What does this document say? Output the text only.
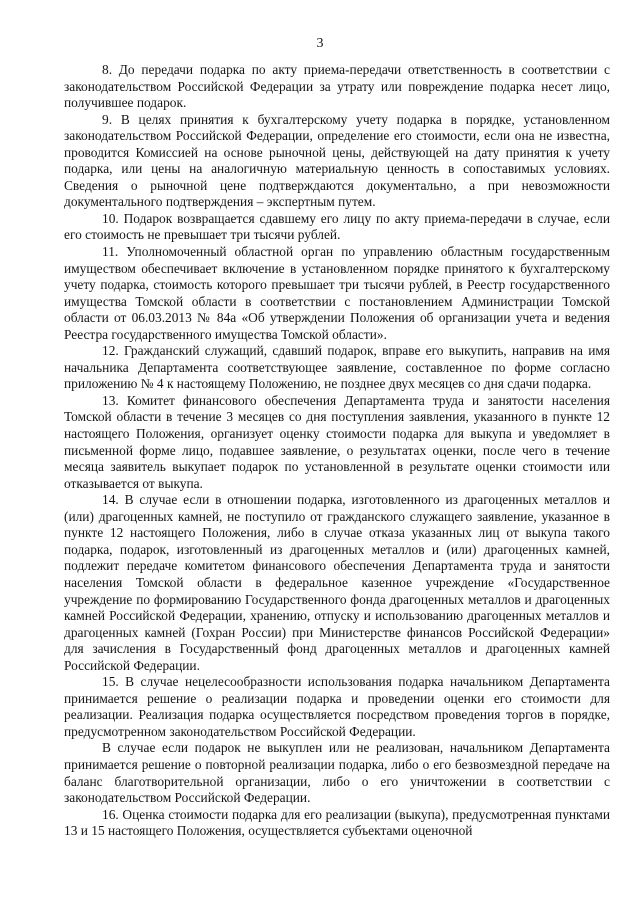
3

8. До передачи подарка по акту приема-передачи ответственность в соответствии с законодательством Российской Федерации за утрату или повреждение подарка несет лицо, получившее подарок.

9. В целях принятия к бухгалтерскому учету подарка в порядке, установленном законодательством Российской Федерации, определение его стоимости, если она не известна, проводится Комиссией на основе рыночной цены, действующей на дату принятия к учету подарка, или цены на аналогичную материальную ценность в сопоставимых условиях. Сведения о рыночной цене подтверждаются документально, а при невозможности документального подтверждения – экспертным путем.

10. Подарок возвращается сдавшему его лицу по акту приема-передачи в случае, если его стоимость не превышает три тысячи рублей.

11. Уполномоченный областной орган по управлению областным государственным имуществом обеспечивает включение в установленном порядке принятого к бухгалтерскому учету подарка, стоимость которого превышает три тысячи рублей, в Реестр государственного имущества Томской области в соответствии с постановлением Администрации Томской области от 06.03.2013 № 84а «Об утверждении Положения об организации учета и ведения Реестра государственного имущества Томской области».

12. Гражданский служащий, сдавший подарок, вправе его выкупить, направив на имя начальника Департамента соответствующее заявление, составленное по форме согласно приложению № 4 к настоящему Положению, не позднее двух месяцев со дня сдачи подарка.

13. Комитет финансового обеспечения Департамента труда и занятости населения Томской области в течение 3 месяцев со дня поступления заявления, указанного в пункте 12 настоящего Положения, организует оценку стоимости подарка для выкупа и уведомляет в письменной форме лицо, подавшее заявление, о результатах оценки, после чего в течение месяца заявитель выкупает подарок по установленной в результате оценки стоимости или отказывается от выкупа.

14. В случае если в отношении подарка, изготовленного из драгоценных металлов и (или) драгоценных камней, не поступило от гражданского служащего заявление, указанное в пункте 12 настоящего Положения, либо в случае отказа указанных лиц от выкупа такого подарка, подарок, изготовленный из драгоценных металлов и (или) драгоценных камней, подлежит передаче комитетом финансового обеспечения Департамента труда и занятости населения Томской области в федеральное казенное учреждение «Государственное учреждение по формированию Государственного фонда драгоценных металлов и драгоценных камней Российской Федерации, хранению, отпуску и использованию драгоценных металлов и драгоценных камней (Гохран России) при Министерстве финансов Российской Федерации» для зачисления в Государственный фонд драгоценных металлов и драгоценных камней Российской Федерации.

15. В случае нецелесообразности использования подарка начальником Департамента принимается решение о реализации подарка и проведении оценки его стоимости для реализации. Реализация подарка осуществляется посредством проведения торгов в порядке, предусмотренном законодательством Российской Федерации.

В случае если подарок не выкуплен или не реализован, начальником Департамента принимается решение о повторной реализации подарка, либо о его безвозмездной передаче на баланс благотворительной организации, либо о его уничтожении в соответствии с законодательством Российской Федерации.

16. Оценка стоимости подарка для его реализации (выкупа), предусмотренная пунктами 13 и 15 настоящего Положения, осуществляется субъектами оценочной
